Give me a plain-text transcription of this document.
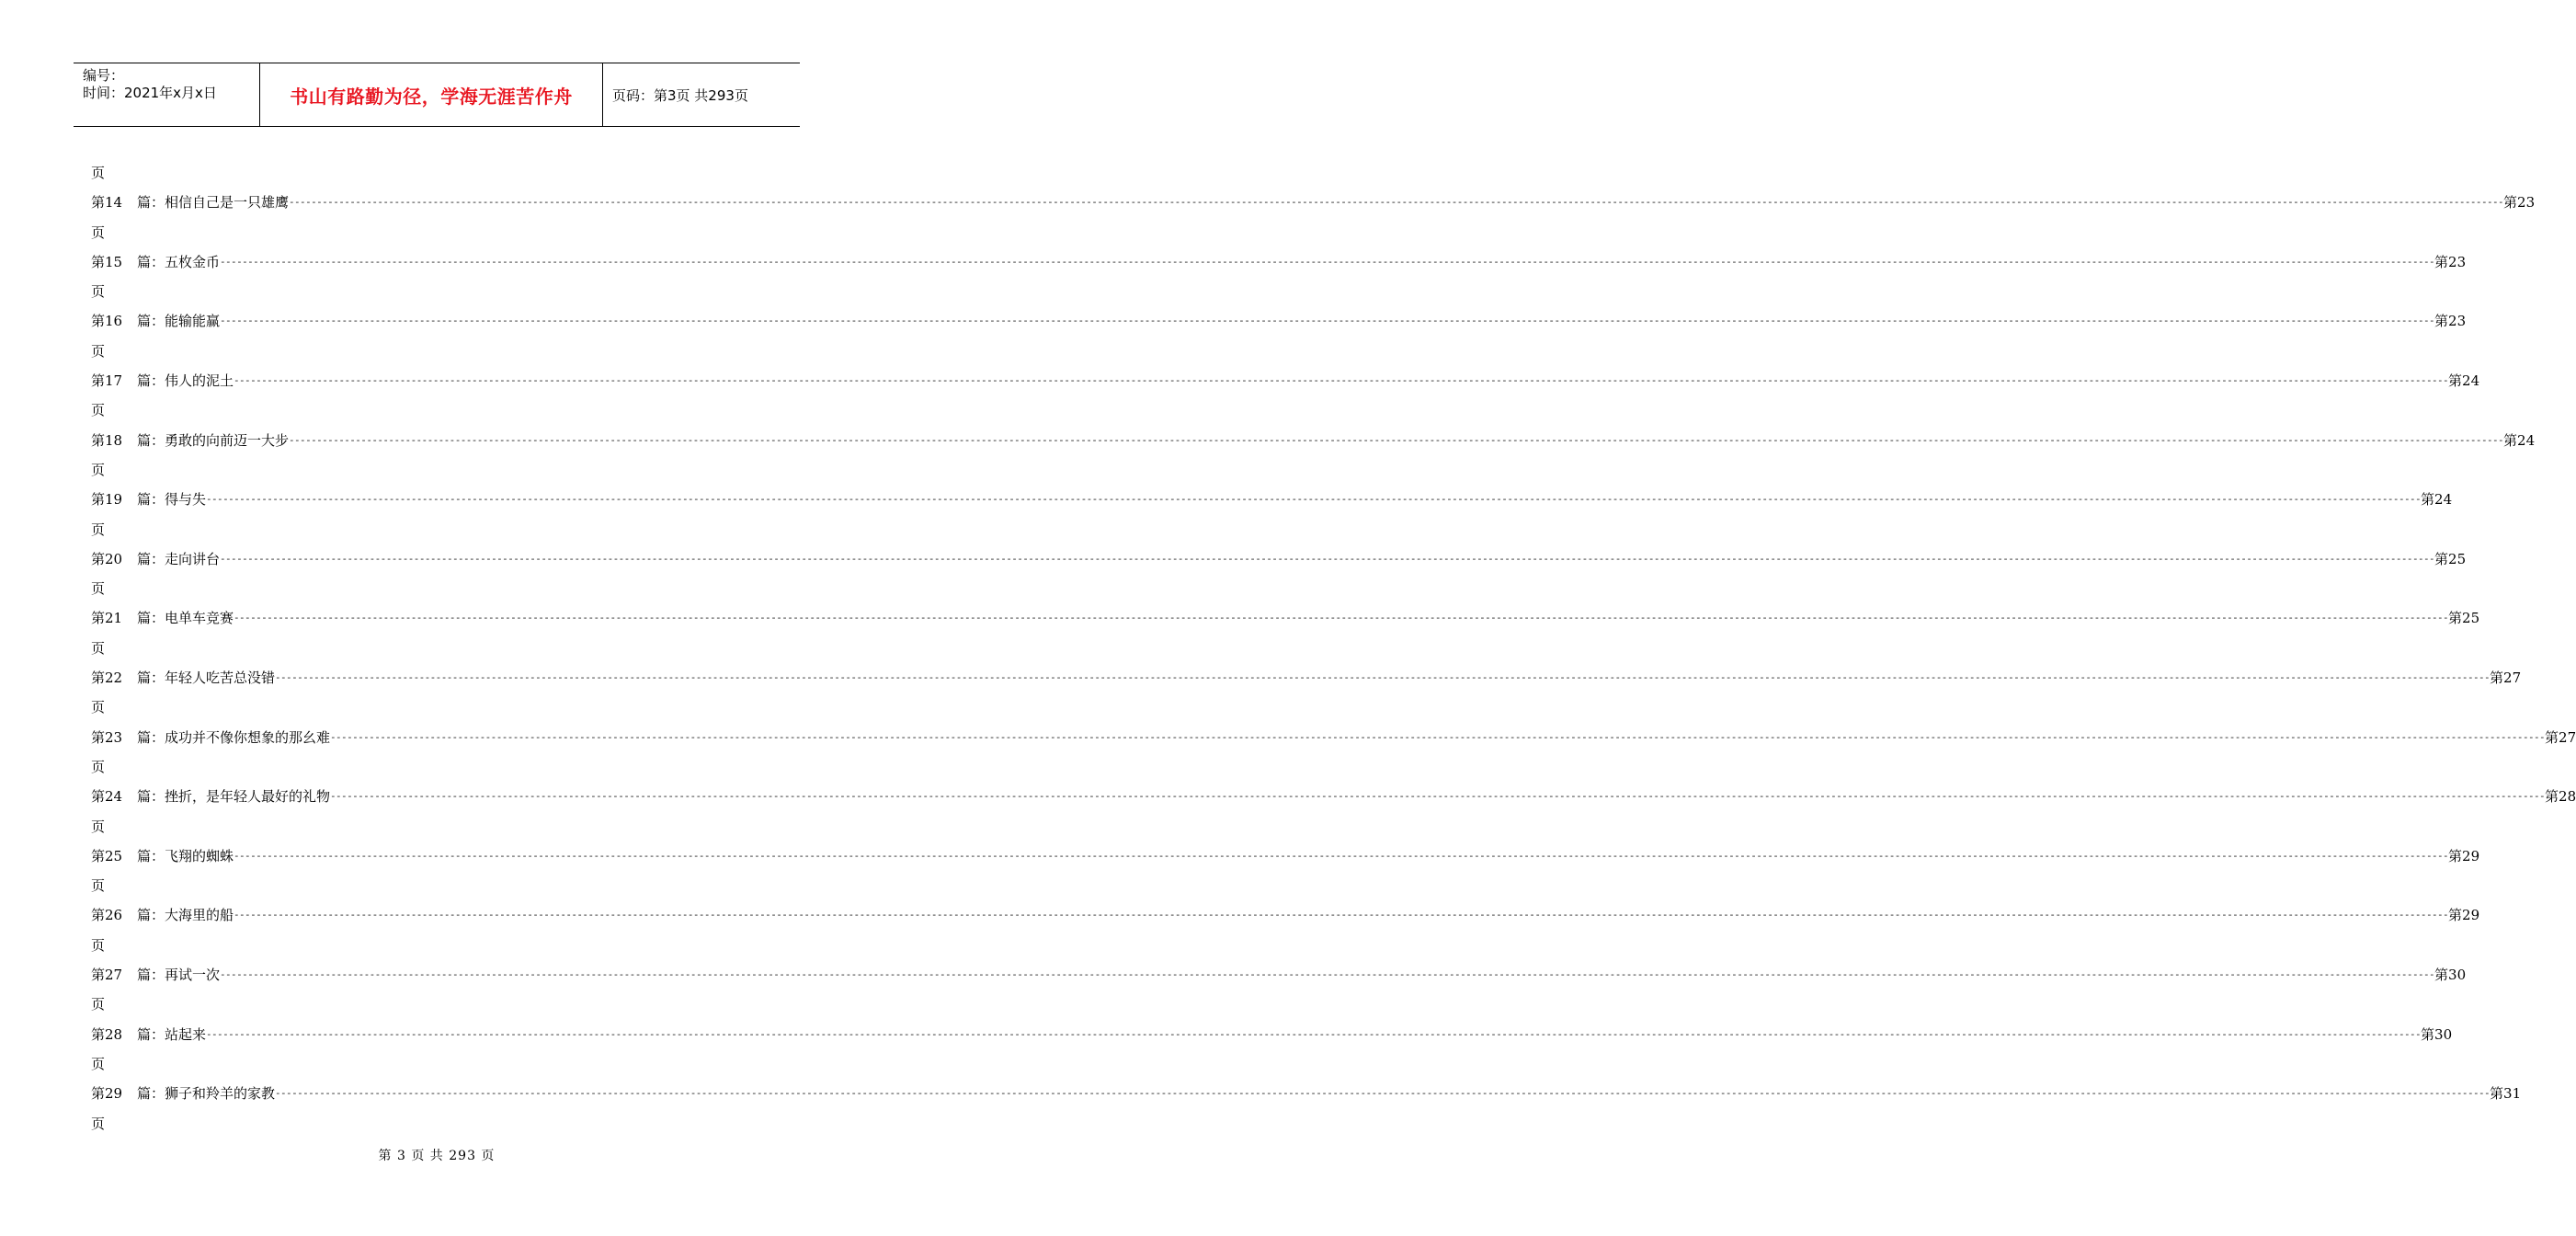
编号：
时间：2021年x月x日	书山有路勤为径，学海无涯苦作舟	页码：第3页 共293页
页
第14	篇：相信自己是一只雄鹰 ---------------------------------------------------------------------------------------------------------------------------------------------------------------------------------------------------------------------------------------------------------------------------------------------------------------------------------------------------------------------------------------------------------------- 第23
页
第15	篇：五枚金币 ---------------------------------------------------------------------------------------------------------------------------------------------------------------------------------------------------------------------------------------------------------------------------------------------------------------------------------------------------------------------------------------------------------------- 第23
页
第16	篇：能输能赢 ---------------------------------------------------------------------------------------------------------------------------------------------------------------------------------------------------------------------------------------------------------------------------------------------------------------------------------------------------------------------------------------------------------------- 第23
页
第17	篇：伟人的泥土 ---------------------------------------------------------------------------------------------------------------------------------------------------------------------------------------------------------------------------------------------------------------------------------------------------------------------------------------------------------------------------------------------------------------- 第24
页
第18	篇：勇敢的向前迈一大步 ---------------------------------------------------------------------------------------------------------------------------------------------------------------------------------------------------------------------------------------------------------------------------------------------------------------------------------------------------------------------------------------------------------------- 第24
页
第19	篇：得与失 ---------------------------------------------------------------------------------------------------------------------------------------------------------------------------------------------------------------------------------------------------------------------------------------------------------------------------------------------------------------------------------------------------------------- 第24
页
第20	篇：走向讲台 ---------------------------------------------------------------------------------------------------------------------------------------------------------------------------------------------------------------------------------------------------------------------------------------------------------------------------------------------------------------------------------------------------------------- 第25
页
第21	篇：电单车竞赛 ---------------------------------------------------------------------------------------------------------------------------------------------------------------------------------------------------------------------------------------------------------------------------------------------------------------------------------------------------------------------------------------------------------------- 第25
页
第22	篇：年轻人吃苦总没错 ---------------------------------------------------------------------------------------------------------------------------------------------------------------------------------------------------------------------------------------------------------------------------------------------------------------------------------------------------------------------------------------------------------------- 第27
页
第23	篇：成功并不像你想象的那幺难 ---------------------------------------------------------------------------------------------------------------------------------------------------------------------------------------------------------------------------------------------------------------------------------------------------------------------------------------------------------------------------------------------------------------- 第27
页
第24	篇：挫折，是年轻人最好的礼物 ---------------------------------------------------------------------------------------------------------------------------------------------------------------------------------------------------------------------------------------------------------------------------------------------------------------------------------------------------------------------------------------------------------------- 第28
页
第25	篇：飞翔的蜘蛛 ---------------------------------------------------------------------------------------------------------------------------------------------------------------------------------------------------------------------------------------------------------------------------------------------------------------------------------------------------------------------------------------------------------------- 第29
页
第26	篇：大海里的船 ---------------------------------------------------------------------------------------------------------------------------------------------------------------------------------------------------------------------------------------------------------------------------------------------------------------------------------------------------------------------------------------------------------------- 第29
页
第27	篇：再试一次 ---------------------------------------------------------------------------------------------------------------------------------------------------------------------------------------------------------------------------------------------------------------------------------------------------------------------------------------------------------------------------------------------------------------- 第30
页
第28	篇：站起来 ---------------------------------------------------------------------------------------------------------------------------------------------------------------------------------------------------------------------------------------------------------------------------------------------------------------------------------------------------------------------------------------------------------------- 第30
页
第29	篇：狮子和羚羊的家教 ---------------------------------------------------------------------------------------------------------------------------------------------------------------------------------------------------------------------------------------------------------------------------------------------------------------------------------------------------------------------------------------------------------------- 第31
页
第 3 页 共 293 页
